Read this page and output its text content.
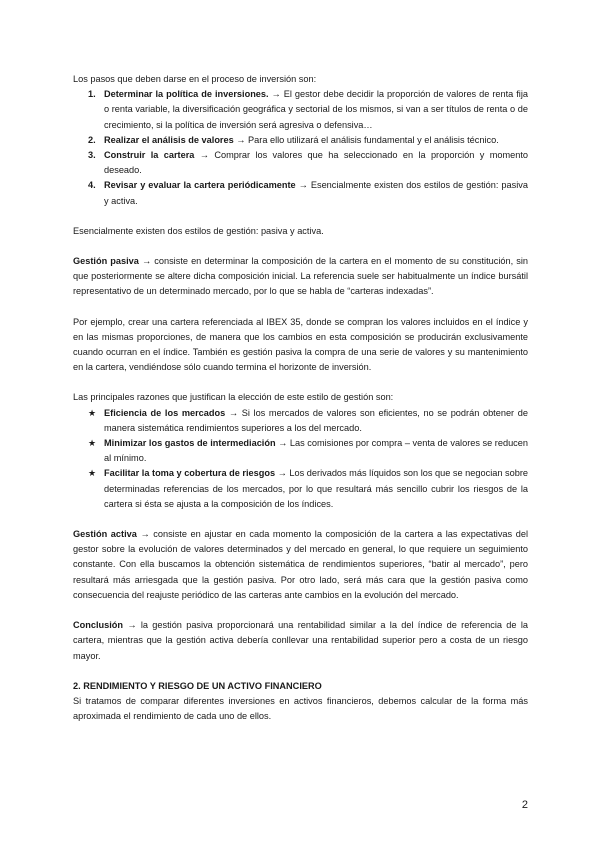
Los pasos que deben darse en el proceso de inversión son:

1. Determinar la política de inversiones. → El gestor debe decidir la proporción de valores de renta fija o renta variable, la diversificación geográfica y sectorial de los mismos, si van a ser títulos de renta o de crecimiento, si la política de inversión será agresiva o defensiva…
2. Realizar el análisis de valores → Para ello utilizará el análisis fundamental y el análisis técnico.
3. Construir la cartera → Comprar los valores que ha seleccionado en la proporción y momento deseado.
4. Revisar y evaluar la cartera periódicamente → Esencialmente existen dos estilos de gestión: pasiva y activa.

Esencialmente existen dos estilos de gestión: pasiva y activa.

Gestión pasiva → consiste en determinar la composición de la cartera en el momento de su constitución, sin que posteriormente se altere dicha composición inicial. La referencia suele ser habitualmente un índice bursátil representativo de un determinado mercado, por lo que se habla de “carteras indexadas”.

Por ejemplo, crear una cartera referenciada al IBEX 35, donde se compran los valores incluidos en el índice y en las mismas proporciones, de manera que los cambios en esta composición se producirán exclusivamente cuando ocurran en el índice. También es gestión pasiva la compra de una serie de valores y su mantenimiento en la cartera, vendiéndose sólo cuando termina el horizonte de inversión.

Las principales razones que justifican la elección de este estilo de gestión son:

★ Eficiencia de los mercados → Si los mercados de valores son eficientes, no se podrán obtener de manera sistemática rendimientos superiores a los del mercado.
★ Minimizar los gastos de intermediación → Las comisiones por compra – venta de valores se reducen al mínimo.
★ Facilitar la toma y cobertura de riesgos → Los derivados más líquidos son los que se negocian sobre determinadas referencias de los mercados, por lo que resultará más sencillo cubrir los riesgos de la cartera si ésta se ajusta a la composición de los índices.

Gestión activa → consiste en ajustar en cada momento la composición de la cartera a las expectativas del gestor sobre la evolución de valores determinados y del mercado en general, lo que requiere un seguimiento constante. Con ella buscamos la obtención sistemática de rendimientos superiores, “batir al mercado”, pero resultará más arriesgada que la gestión pasiva. Por otro lado, será más cara que la gestión pasiva como consecuencia del reajuste periódico de las carteras ante cambios en la evolución del mercado.

Conclusión → la gestión pasiva proporcionará una rentabilidad similar a la del índice de referencia de la cartera, mientras que la gestión activa debería conllevar una rentabilidad superior pero a costa de un riesgo mayor.

2. RENDIMIENTO Y RIESGO DE UN ACTIVO FINANCIERO

Si tratamos de comparar diferentes inversiones en activos financieros, debemos calcular de la forma más aproximada el rendimiento de cada uno de ellos.

2
